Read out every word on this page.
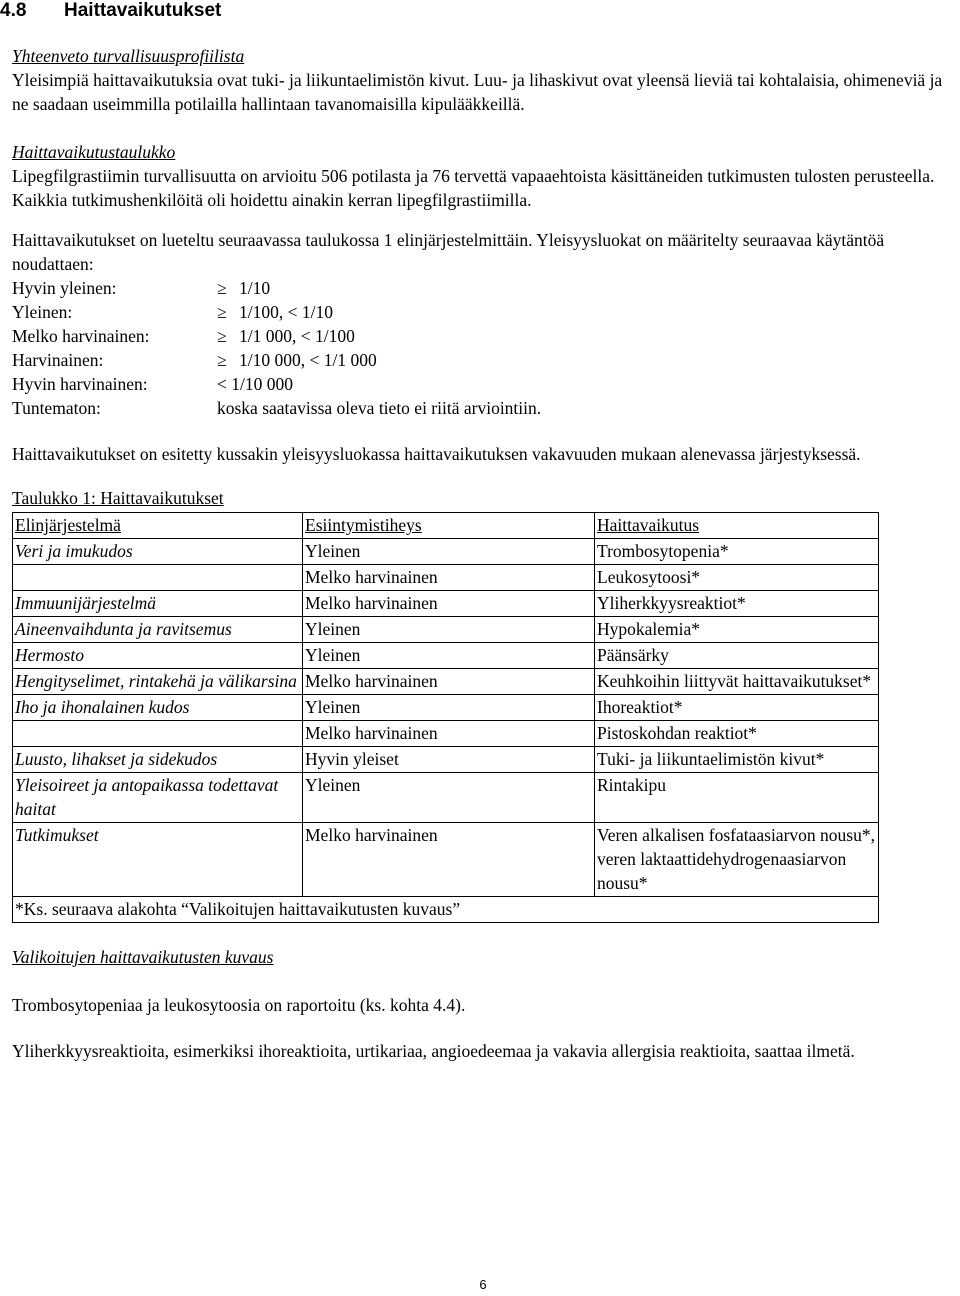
4.8	Haittavaikutukset

Yhteenveto turvallisuusprofiilista

Yleisimpiä haittavaikutuksia ovat tuki- ja liikuntaelimistön kivut. Luu- ja lihaskivut ovat yleensä lieviä tai kohtalaisia, ohimeneviä ja ne saadaan useimmilla potilailla hallintaan tavanomaisilla kipulääkkeillä.

Haittavaikutustaulukko

Lipegfilgrastiimin turvallisuutta on arvioitu 506 potilasta ja 76 tervettä vapaaehtoista käsittäneiden tutkimusten tulosten perusteella. Kaikkia tutkimushenkilöitä oli hoidettu ainakin kerran lipegfilgrastiimilla.

Haittavaikutukset on lueteltu seuraavassa taulukossa 1 elinjärjestelmittäin. Yleisyysluokat on määritelty seuraavaa käytäntöä noudattaen:

Hyvin yleinen:	≥ 1/10
Yleinen:	≥ 1/100, < 1/10
Melko harvinainen:	≥ 1/1 000, < 1/100
Harvinainen:	≥ 1/10 000, < 1/1 000
Hyvin harvinainen:	< 1/10 000
Tuntematon:	koska saatavissa oleva tieto ei riitä arviointiin.

Haittavaikutukset on esitetty kussakin yleisyysluokassa haittavaikutuksen vakavuuden mukaan alenevassa järjestyksessä.

Taulukko 1: Haittavaikutukset

Elinjärjestelmä	Esiintymistiheys	Haittavaikutus
Veri ja imukudos	Yleinen	Trombosytopenia*
	Melko harvinainen	Leukosytoosi*
Immuunijärjestelmä	Melko harvinainen	Yliherkkyysreaktiot*
Aineenvaihdunta ja ravitsemus	Yleinen	Hypokalemia*
Hermosto	Yleinen	Päänsärky
Hengityselimet, rintakehä ja välikarsina	Melko harvinainen	Keuhkoihin liittyvät haittavaikutukset*
Iho ja ihonalainen kudos	Yleinen	Ihoreaktiot*
	Melko harvinainen	Pistoskohdan reaktiot*
Luusto, lihakset ja sidekudos	Hyvin yleiset	Tuki- ja liikuntaelimistön kivut*
Yleisoireet ja antopaikassa todettavat haitat	Yleinen	Rintakipu
Tutkimukset	Melko harvinainen	Veren alkalisen fosfataasiarvon nousu*, veren laktaattidehydrogenaasiarvon nousu*
*Ks. seuraava alakohta “Valikoitujen haittavaikutusten kuvaus”		

Valikoitujen haittavaikutusten kuvaus

Trombosytopeniaa ja leukosytoosia on raportoitu (ks. kohta 4.4).

Yliherkkyysreaktioita, esimerkiksi ihoreaktioita, urtikariaa, angioedeemaa ja vakavia allergisia reaktioita, saattaa ilmetä.

6
